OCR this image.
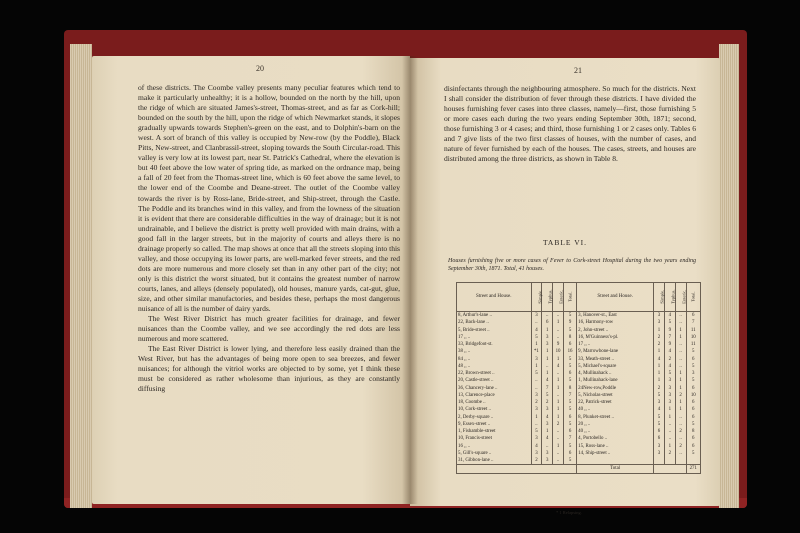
20

of these districts. The Coombe valley presents many peculiar features which tend to make it particularly unhealthy; it is a hollow, bounded on the north by the hill, upon the ridge of which are situated James's-street, Thomas-street, and as far as Cork-hill; bounded on the south by the hill, upon the ridge of which Newmarket stands, it slopes gradually upwards towards Stephen's-green on the east, and to Dolphin's-barn on the west. A sort of branch of this valley is occupied by New-row (by the Poddle), Black Pitts, New-street, and Clanbrassil-street, sloping towards the South Circular-road. This valley is very low at its lowest part, near St. Patrick's Cathedral, where the elevation is but 40 feet above the low water of spring tide, as marked on the ordnance map, being a fall of 20 feet from the Thomas-street line, which is 60 feet above the same level, to the lower end of the Coombe and Deane-street. The outlet of the Coombe valley towards the river is by Ross-lane, Bride-street, and Ship-street, through the Castle. The Poddle and its branches wind in this valley, and from the lowness of the situation it is evident that there are considerable difficulties in the way of drainage; but it is not undrainable, and I believe the district is pretty well provided with main drains, with a good fall in the larger streets, but in the majority of courts and alleys there is no drainage properly so called. The map shows at once that all the streets sloping into this valley, and those occupying its lower parts, are well-marked fever streets, and the red dots are more numerous and more closely set than in any other part of the city; not only is this district the worst situated, but it contains the greatest number of narrow courts, lanes, and alleys (densely populated), old houses, manure yards, cat-gut, glue, size, and other similar manufactories, and besides these, perhaps the most dangerous nuisance of all is the number of dairy yards.

The West River District has much greater facilities for drainage, and fewer nuisances than the Coombe valley, and we see accordingly the red dots are less numerous and more scattered.

The East River District is lower lying, and therefore less easily drained than the West River, but has the advantages of being more open to sea breezes, and fewer nuisances; for although the vitriol works are objected to by some, yet I think these must be considered as rather wholesome than injurious, as they are constantly diffusing

21

disinfectants through the neighbouring atmosphere. So much for the districts. Next I shall consider the distribution of fever through these districts. I have divided the houses furnishing fever cases into three classes, namely—first, those furnishing 5 or more cases each during the two years ending September 30th, 1871; second, those furnishing 3 or 4 cases; and third, those furnishing 1 or 2 cases only. Tables 6 and 7 give lists of the two first classes of houses, with the number of cases, and nature of fever furnished by each of the houses. The cases, streets, and houses are distributed among the three districts, as shown in Table 8.

TABLE VI.

Houses furnishing five or more cases of Fever to Cork-street Hospital during the two years ending September 30th, 1871. Total, 41 houses.

Street and House.	Simple.	Typhus.	Enteric.	Total.	Street and House.	Simple.	Typhus.	Enteric.	Total.
8, Arthur's-lane ..	3	..	..	5	3, Hanover-st., East	3	4	..	6
22, Back-lane ..	..	6	1	9	16, Harmony-row	3	5	..	7
5, Bride-street ..	4	1	..	5	2, John-street ..	1	9	1	11
17 ,, ..	5	3	..	8	16, M'Guinness's-pl.	2	7	1	10
33, Bridgefoot-st.	1	3	9	6	17 ,, ..	2	9	..	11
38 ,, ..	*1	1	10	16	9, Marrowbone-lane	1	4	..	5
84 ,, ..	3	1	1	5	33, Meath-street ..	4	2	..	6
48 ,, ..	1	..	4	5	5, Michael's-square	1	4	..	5
22, Brown-street ..	5	1	..	6	4, Mullinahack ..	1	5	1	3
20, Castle-street ..	..	4	1	5	1, Mullinahack-lane	1	3	1	5
36, Chancery-lane ..	..	7	1	8	24New-row,Poddle	2	3	1	6
13, Clarence-place	3	5	..	7	5, Nicholas-street	5	3	2	10
18, Coombe ..	2	2	1	5	22, Patrick-street	3	3	1	6
10, Cork-street ..	3	3	1	5	40 ,, ..	4	1	1	6
2, Derby-square ..	1	4	1	6	8, Plunket-street ..	5	1	..	6
9, Essex-street ..	..	3	2	5	20 ,, ..	5	..	..	5
1, Fishamble-street	5	1	..	6	40 ,, ..	6	..	2	8
10, Francis-street	3	4	..	7	4, Portobello ..	6	..	..	6
16 ,, ..	4	..	1	5	15, Ross-lane ..	3	1	2	6
5, Gill's-square ..	3	3	..	6	14, Ship-street ..	3	2	..	5
31, Gibbon-lane ..	2	3	..	5					
					Total				271

* 1 Relapsing.
